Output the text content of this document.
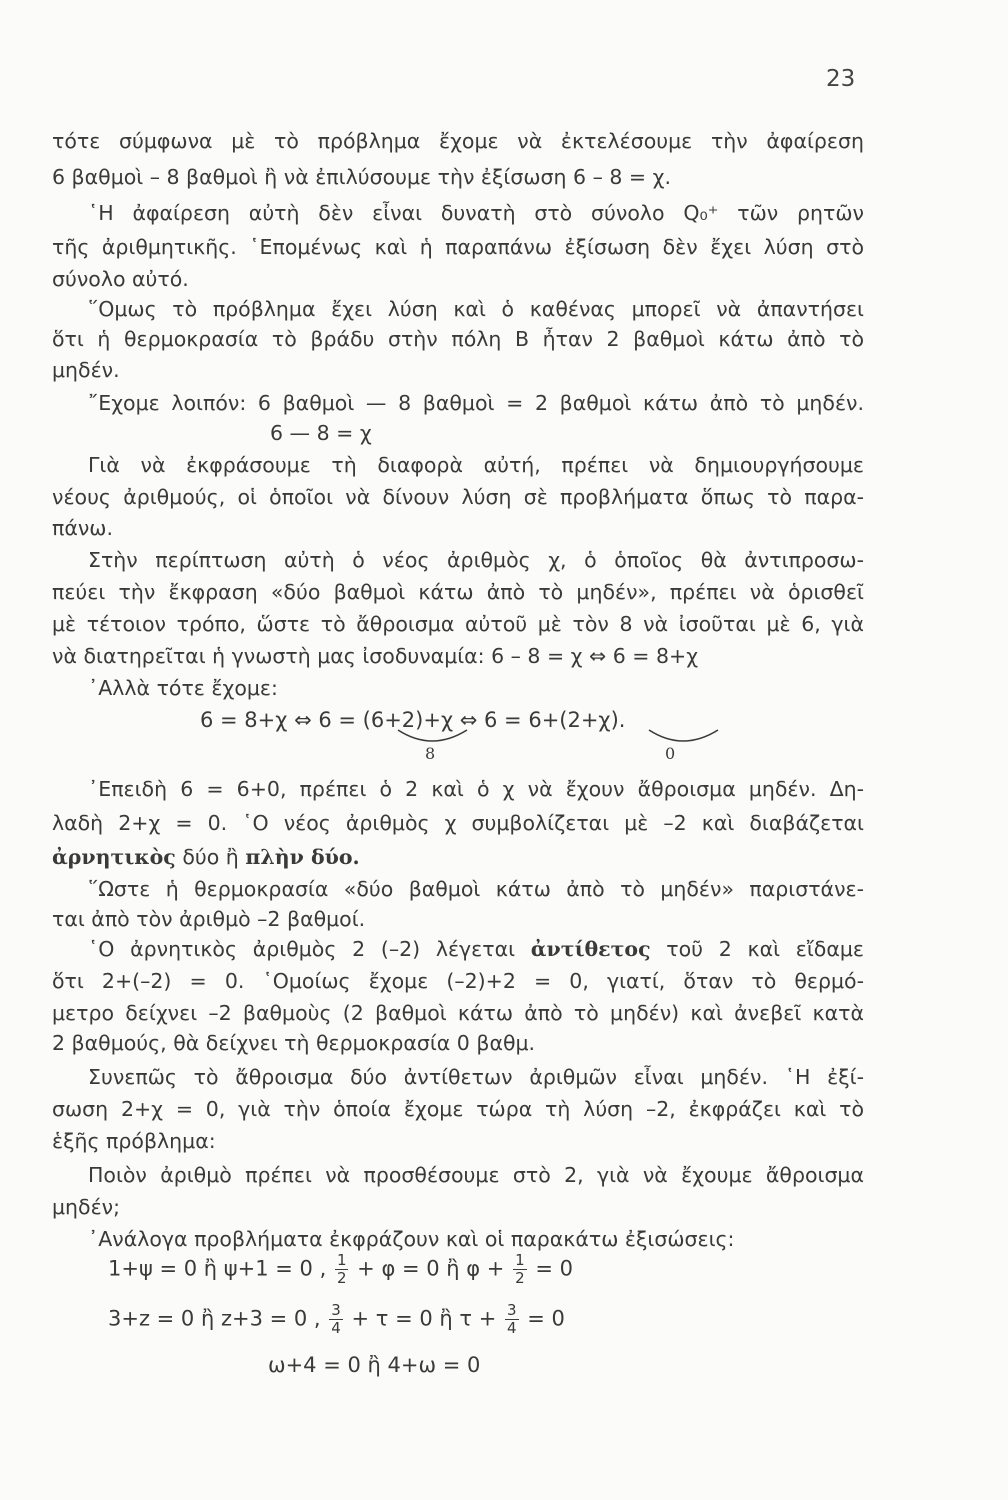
23
τότε σύμφωνα μὲ τὸ πρόβλημα ἔχομε νὰ ἐκτελέσουμε τὴν ἀφαίρεση
6 βαθμοὶ – 8 βαθμοὶ ἢ νὰ ἐπιλύσουμε τὴν ἐξίσωση 6 – 8 = χ.
῾Η ἀφαίρεση αὐτὴ δὲν εἶναι δυνατὴ στὸ σύνολο Q₀⁺ τῶν ρητῶν
τῆς ἀριθμητικῆς. ῾Επομένως καὶ ἡ παραπάνω ἐξίσωση δὲν ἔχει λύση στὸ
σύνολο αὐτό.
῞Ομως τὸ πρόβλημα ἔχει λύση καὶ ὁ καθένας μπορεῖ νὰ ἀπαντήσει
ὅτι ἡ θερμοκρασία τὸ βράδυ στὴν πόλη Β ἦταν 2 βαθμοὶ κάτω ἀπὸ τὸ
μηδέν.
῎Εχομε λοιπόν: 6 βαθμοὶ — 8 βαθμοὶ = 2 βαθμοὶ κάτω ἀπὸ τὸ μηδέν.
6 — 8 = χ
Γιὰ νὰ ἐκφράσουμε τὴ διαφορὰ αὐτή, πρέπει νὰ δημιουργήσουμε
νέους ἀριθμούς, οἱ ὁποῖοι νὰ δίνουν λύση σὲ προβλήματα ὅπως τὸ παρα-
πάνω.
Στὴν περίπτωση αὐτὴ ὁ νέος ἀριθμὸς χ, ὁ ὁποῖος θὰ ἀντιπροσω-
πεύει τὴν ἔκφραση «δύο βαθμοὶ κάτω ἀπὸ τὸ μηδέν», πρέπει νὰ ὁρισθεῖ
μὲ τέτοιον τρόπο, ὥστε τὸ ἄθροισμα αὐτοῦ μὲ τὸν 8 νὰ ἰσοῦται μὲ 6, γιὰ
νὰ διατηρεῖται ἡ γνωστὴ μας ἰσοδυναμία: 6 – 8 = χ ⇔ 6 = 8+χ
᾽Αλλὰ τότε ἔχομε:
6 = 8+χ ⇔ 6 = (6+2)+χ ⇔ 6 = 6+(2+χ).
8	0
᾽Επειδὴ 6 = 6+0, πρέπει ὁ 2 καὶ ὁ χ νὰ ἔχουν ἄθροισμα μηδέν. Δη-
λαδὴ 2+χ = 0. ῾Ο νέος ἀριθμὸς χ συμβολίζεται μὲ –2 καὶ διαβάζεται
ἀρνητικὸς δύο ἢ πλὴν δύο.
῞Ωστε ἡ θερμοκρασία «δύο βαθμοὶ κάτω ἀπὸ τὸ μηδέν» παριστάνε-
ται ἀπὸ τὸν ἀριθμὸ –2 βαθμοί.
῾Ο ἀρνητικὸς ἀριθμὸς 2 (–2) λέγεται ἀντίθετος τοῦ 2 καὶ εἴδαμε
ὅτι 2+(–2) = 0. ῾Ομοίως ἔχομε (–2)+2 = 0, γιατί, ὅταν τὸ θερμό-
μετρο δείχνει –2 βαθμοὺς (2 βαθμοὶ κάτω ἀπὸ τὸ μηδέν) καὶ ἀνεβεῖ κατὰ
2 βαθμούς, θὰ δείχνει τὴ θερμοκρασία 0 βαθμ.
Συνεπῶς τὸ ἄθροισμα δύο ἀντίθετων ἀριθμῶν εἶναι μηδέν. ῾Η ἐξί-
σωση 2+χ = 0, γιὰ τὴν ὁποία ἔχομε τώρα τὴ λύση –2, ἐκφράζει καὶ τὸ
ἑξῆς πρόβλημα:
Ποιὸν ἀριθμὸ πρέπει νὰ προσθέσουμε στὸ 2, γιὰ νὰ ἔχουμε ἄθροισμα
μηδέν;
᾽Ανάλογα προβλήματα ἐκφράζουν καὶ οἱ παρακάτω ἐξισώσεις:
1+ψ = 0 ἢ ψ+1 = 0 , $\frac{1}{2} + \varphi = 0$ ἢ $\varphi + \frac{1}{2} = 0$
3+z = 0 ἢ z+3 = 0 , $\frac{3}{4} + \tau = 0$ ἢ $\tau + \frac{3}{4} = 0$
ω+4 = 0 ἢ 4+ω = 0
